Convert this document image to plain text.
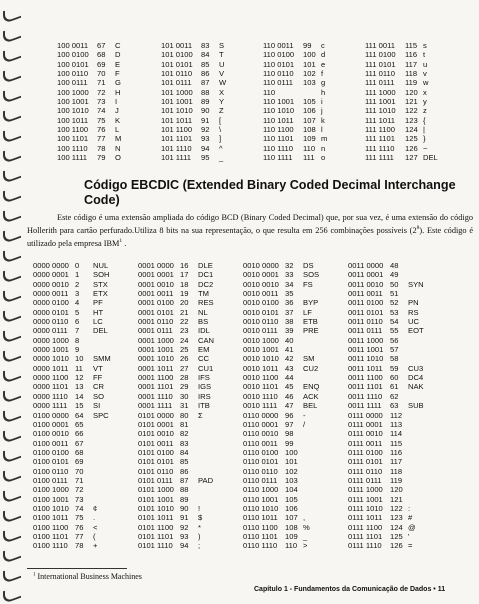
100 0011 67 C	101 0011 83 S	110 0011 99 c	111 0011 115 s
100 0100 68 D	101 0100 84 T	110 0100 100 d	111 0100 116 t
100 0101 69 E	101 0101 85 U	110 0101 101 e	111 0101 117 u
100 0110 70 F	101 0110 86 V	110 0110 102 f	111 0110 118 v
100 0111 71 G	101 0111 87 W	110 0111 103 g	111 0111 119 w
100 1000 72 H	101 1000 88 X	110	h	111 1000 120 x
100 1001 73 I	101 1001 89 Y	110 1001 105 i	111 1001 121 y
100 1010 74 J	101 1010 90 Z	110 1010 106 j	111 1010 122 z
100 1011 75 K	101 1011 91 [	110 1011 107 k	111 1011 123 {
100 1100 76 L	101 1100 92 \	110 1100 108 l	111 1100 124 |
100 1101 77 M	101 1101 93 ]	110 1101 109 m	111 1101 125 }
100 1110 78 N	101 1110 94 ^	110 1110 110 n	111 1110 126 ~
100 1111 79 O	101 1111 95 _	110 1111 111 o	111 1111 127 DEL
Código EBCDIC (Extended Binary Coded Decimal Interchange Code)
Este código é uma extensão ampliada do código BCD (Binary Coded Decimal) que, por sua vez, é uma extensão do código Hollerith para cartão perfurado.Utiliza 8 bits na sua representação, o que resulta em 256 combinações possíveis $(2^8)$. Este código é utilizado pela empresa IBM$^1$ .
0000 0000 0 NUL	0001 0000 16 DLE	0010 0000 32 DS	0011 0000 48
0000 0001 1 SOH	0001 0001 17 DC1	0010 0001 33 SOS	0011 0001 49
0000 0010 2 STX	0001 0010 18 DC2	0010 0010 34 FS	0011 0010 50 SYN
0000 0011 3 ETX	0001 0011 19 TM	0010 0011 35	0011 0011 51
0000 0100 4 PF	0001 0100 20 RES	0010 0100 36 BYP	0011 0100 52 PN
0000 0101 5 HT	0001 0101 21 NL	0010 0101 37 LF	0011 0101 53 RS
0000 0110 6 LC	0001 0110 22 BS	0010 0110 38 ETB	0011 0110 54 UC
0000 0111 7 DEL	0001 0111 23 IDL	0010 0111 39 PRE	0011 0111 55 EOT
0000 1000 8	0001 1000 24 CAN	0010 1000 40	0011 1000 56
0000 1001 9	0001 1001 25 EM	0010 1001 41	0011 1001 57
0000 1010 10 SMM	0001 1010 26 CC	0010 1010 42 SM	0011 1010 58
0000 1011 11 VT	0001 1011 27 CU1	0010 1011 43 CU2	0011 1011 59 CU3
0000 1100 12 FF	0001 1100 28 IFS	0010 1100 44	0011 1100 60 DC4
0000 1101 13 CR	0001 1101 29 IGS	0010 1101 45 ENQ	0011 1101 61 NAK
0000 1110 14 SO	0001 1110 30 IRS	0010 1110 46 ACK	0011 1110 62
0000 1111 15 SI	0001 1111 31 ITB	0010 1111 47 BEL	0011 1111 63 SUB
0100 0000 64 SPC	0101 0000 80 Σ	0110 0000 96 -	0111 0000 112
0100 0001 65	0101 0001 81	0110 0001 97 /	0111 0001 113
0100 0010 66	0101 0010 82	0110 0010 98	0111 0010 114
0100 0011 67	0101 0011 83	0110 0011 99	0111 0011 115
0100 0100 68	0101 0100 84	0110 0100 100	0111 0100 116
0100 0101 69	0101 0101 85	0110 0101 101	0111 0101 117
0100 0110 70	0101 0110 86	0110 0110 102	0111 0110 118
0100 0111 71	0101 0111 87 PAD	0110 0111 103	0111 0111 119
0100 1000 72	0101 1000 88	0110 1000 104	0111 1000 120
0100 1001 73	0101 1001 89	0110 1001 105	0111 1001 121
0100 1010 74 ¢	0101 1010 90 !	0110 1010 106	0111 1010 122 :
0100 1011 75 .	0101 1011 91 $	0110 1011 107 ,	0111 1011 123 #
0100 1100 76 <	0101 1100 92 *	0110 1100 108 %	0111 1100 124 @
0100 1101 77 (	0101 1101 93 )	0110 1101 109 _	0111 1101 125 '
0100 1110 78 +	0101 1110 94 ;	0110 1110 110 >	0111 1110 126 =
$^1$ International Business Machines
Capítulo 1 - Fundamentos da Comunicação de Dados • 11
